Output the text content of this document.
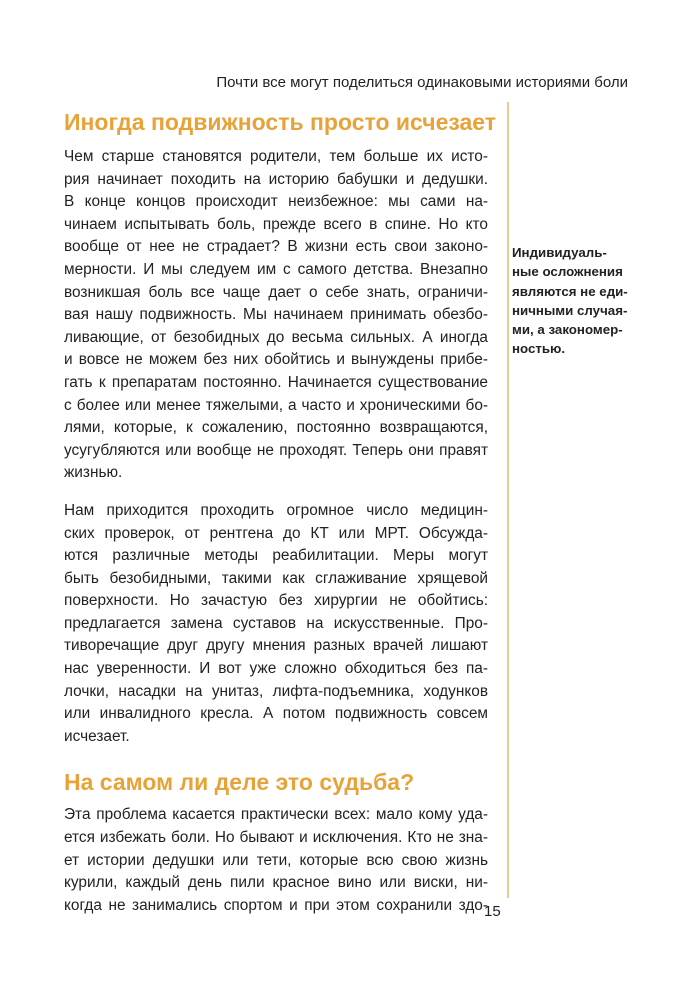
Почти все могут поделиться одинаковыми историями боли
Иногда подвижность просто исчезает
Чем старше становятся родители, тем больше их исто-
рия начинает походить на историю бабушки и дедушки.
В конце концов происходит неизбежное: мы сами на-
чинаем испытывать боль, прежде всего в спине. Но кто
вообще от нее не страдает? В жизни есть свои законо-
мерности. И мы следуем им с самого детства. Внезапно
возникшая боль все чаще дает о себе знать, ограничи-
вая нашу подвижность. Мы начинаем принимать обезбо-
ливающие, от безобидных до весьма сильных. А иногда
и вовсе не можем без них обойтись и вынуждены прибе-
гать к препаратам постоянно. Начинается существование
с более или менее тяжелыми, а часто и хроническими бо-
лями, которые, к сожалению, постоянно возвращаются,
усугубляются или вообще не проходят. Теперь они правят
жизнью.
Нам приходится проходить огромное число медицин-
ских проверок, от рентгена до КТ или МРТ. Обсужда-
ются различные методы реабилитации. Меры могут
быть безобидными, такими как сглаживание хрящевой
поверхности. Но зачастую без хирургии не обойтись:
предлагается замена суставов на искусственные. Про-
тиворечащие друг другу мнения разных врачей лишают
нас уверенности. И вот уже сложно обходиться без па-
лочки, насадки на унитаз, лифта-подъемника, ходунков
или инвалидного кресла. А потом подвижность совсем
исчезает.
На самом ли деле это судьба?
Эта проблема касается практически всех: мало кому уда-
ется избежать боли. Но бывают и исключения. Кто не зна-
ет истории дедушки или тети, которые всю свою жизнь
курили, каждый день пили красное вино или виски, ни-
когда не занимались спортом и при этом сохранили здо-
Индивидуаль-
ные осложнения
являются не еди-
ничными случая-
ми, а закономер-
ностью.
15
